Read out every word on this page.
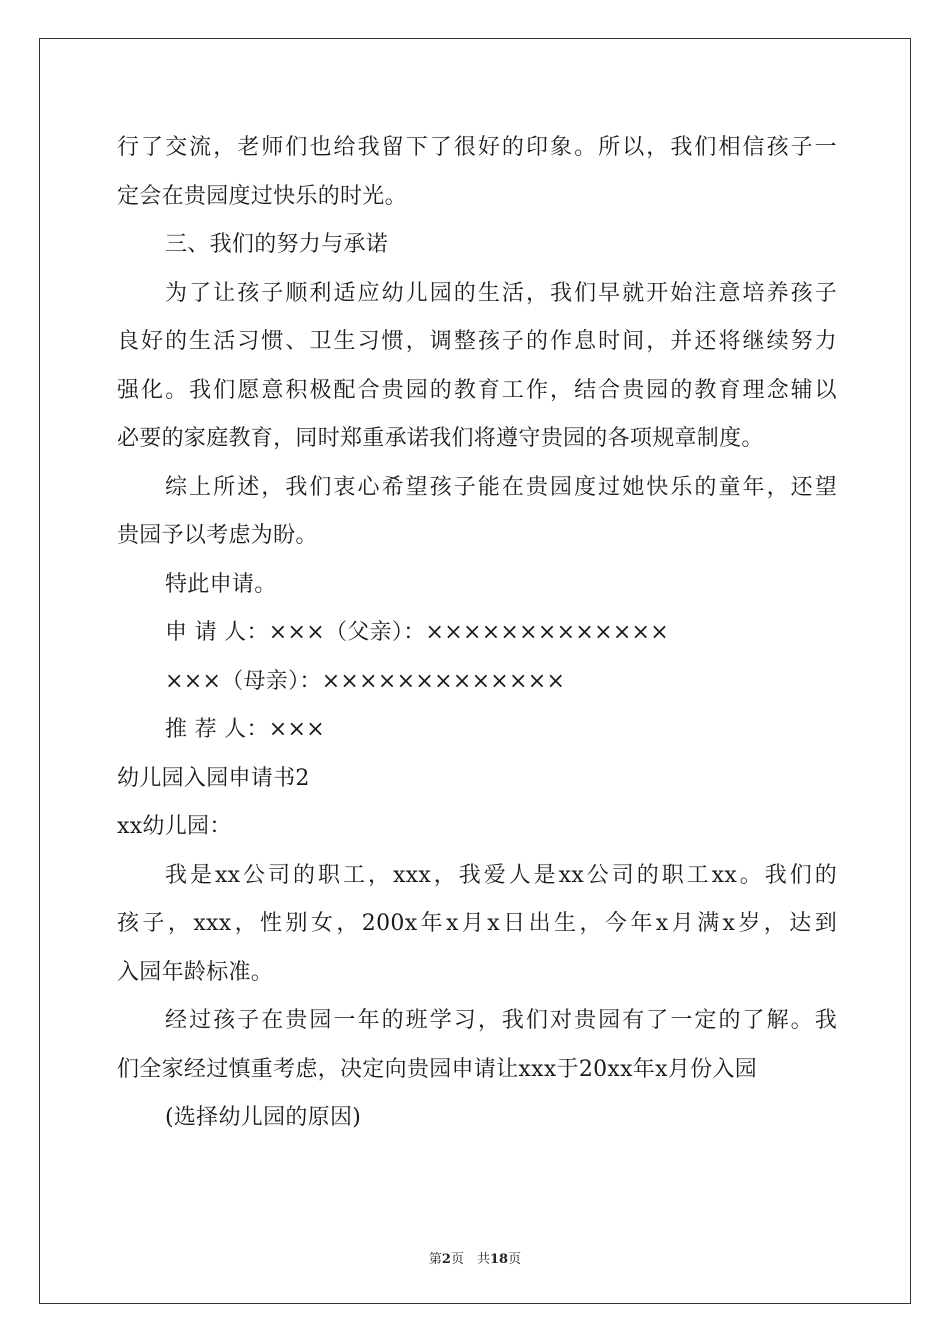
行了交流，老师们也给我留下了很好的印象。所以，我们相信孩子一
定会在贵园度过快乐的时光。
三、我们的努力与承诺
为了让孩子顺利适应幼儿园的生活，我们早就开始注意培养孩子
良好的生活习惯、卫生习惯，调整孩子的作息时间，并还将继续努力
强化。我们愿意积极配合贵园的教育工作，结合贵园的教育理念辅以
必要的家庭教育，同时郑重承诺我们将遵守贵园的各项规章制度。
综上所述，我们衷心希望孩子能在贵园度过她快乐的童年，还望
贵园予以考虑为盼。
特此申请。
申 请 人：×××（父亲）：×××××××××××××
×××（母亲）：×××××××××××××
推 荐 人：×××
幼儿园入园申请书2
xx幼儿园：
我是xx公司的职工，xxx，我爱人是xx公司的职工xx。我们的
孩子，xxx，性别女，200x年x月x日出生，今年x月满x岁，达到
入园年龄标准。
经过孩子在贵园一年的班学习，我们对贵园有了一定的了解。我
们全家经过慎重考虑，决定向贵园申请让xxx于20xx年x月份入园
(选择幼儿园的原因)
第2页　共18页
